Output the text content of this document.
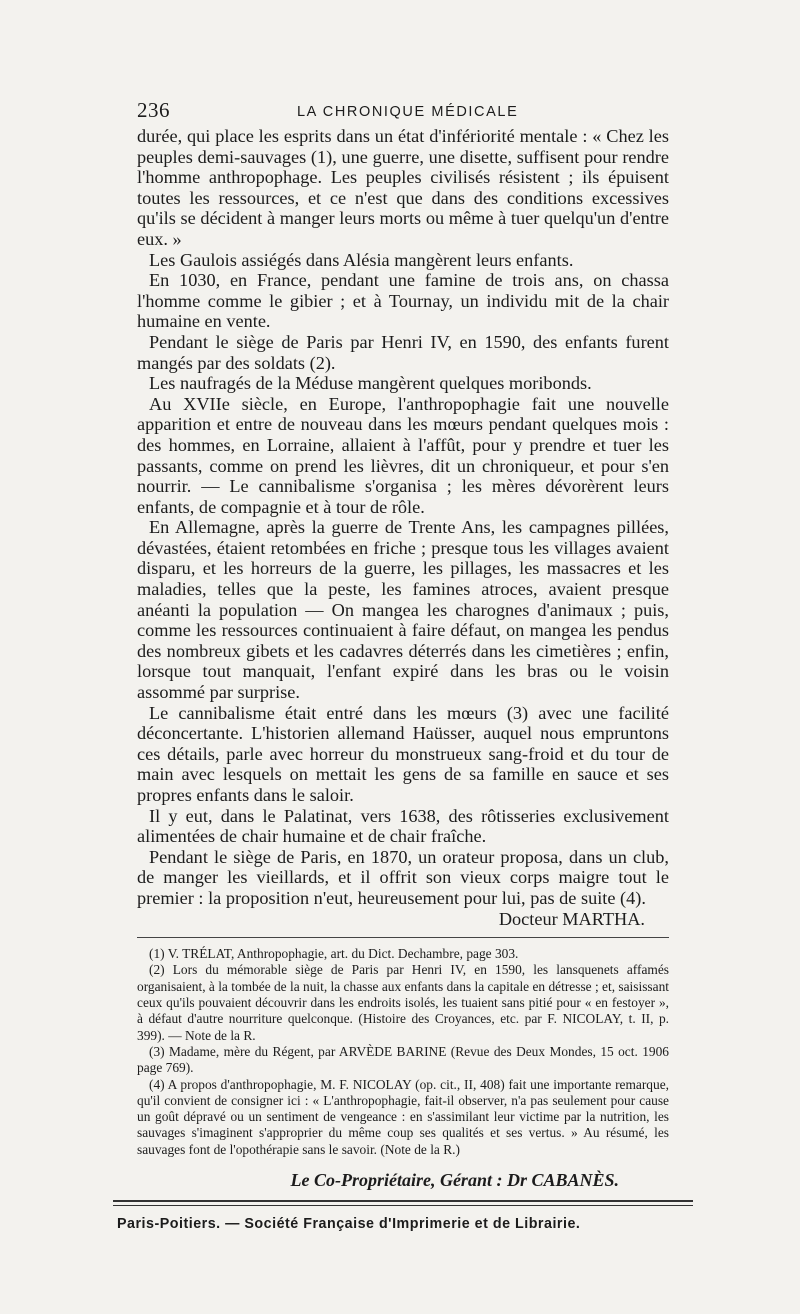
236	LA CHRONIQUE MÉDICALE

durée, qui place les esprits dans un état d'infériorité mentale : « Chez les peuples demi-sauvages (1), une guerre, une disette, suffisent pour rendre l'homme anthropophage. Les peuples civilisés résistent ; ils épuisent toutes les ressources, et ce n'est que dans des conditions excessives qu'ils se décident à manger leurs morts ou même à tuer quelqu'un d'entre eux. »

Les Gaulois assiégés dans Alésia mangèrent leurs enfants.

En 1030, en France, pendant une famine de trois ans, on chassa l'homme comme le gibier ; et à Tournay, un individu mit de la chair humaine en vente.

Pendant le siège de Paris par Henri IV, en 1590, des enfants furent mangés par des soldats (2).

Les naufragés de la Méduse mangèrent quelques moribonds.

Au XVIIe siècle, en Europe, l'anthropophagie fait une nouvelle apparition et entre de nouveau dans les mœurs pendant quelques mois : des hommes, en Lorraine, allaient à l'affût, pour y prendre et tuer les passants, comme on prend les lièvres, dit un chroniqueur, et pour s'en nourrir. — Le cannibalisme s'organisa ; les mères dévorèrent leurs enfants, de compagnie et à tour de rôle.

En Allemagne, après la guerre de Trente Ans, les campagnes pillées, dévastées, étaient retombées en friche ; presque tous les villages avaient disparu, et les horreurs de la guerre, les pillages, les massacres et les maladies, telles que la peste, les famines atroces, avaient presque anéanti la population — On mangea les charognes d'animaux ; puis, comme les ressources continuaient à faire défaut, on mangea les pendus des nombreux gibets et les cadavres déterrés dans les cimetières ; enfin, lorsque tout manquait, l'enfant expiré dans les bras ou le voisin assommé par surprise.

Le cannibalisme était entré dans les mœurs (3) avec une facilité déconcertante. L'historien allemand Haüsser, auquel nous empruntons ces détails, parle avec horreur du monstrueux sang-froid et du tour de main avec lesquels on mettait les gens de sa famille en sauce et ses propres enfants dans le saloir.

Il y eut, dans le Palatinat, vers 1638, des rôtisseries exclusivement alimentées de chair humaine et de chair fraîche.

Pendant le siège de Paris, en 1870, un orateur proposa, dans un club, de manger les vieillards, et il offrit son vieux corps maigre tout le premier : la proposition n'eut, heureusement pour lui, pas de suite (4).

Docteur MARTHA.

(1) V. TRÉLAT, Anthropophagie, art. du Dict. Dechambre, page 303.

(2) Lors du mémorable siège de Paris par Henri IV, en 1590, les lansquenets affamés organisaient, à la tombée de la nuit, la chasse aux enfants dans la capitale en détresse ; et, saisissant ceux qu'ils pouvaient découvrir dans les endroits isolés, les tuaient sans pitié pour « en festoyer », à défaut d'autre nourriture quelconque. (Histoire des Croyances, etc. par F. NICOLAY, t. II, p. 399). — Note de la R.

(3) Madame, mère du Régent, par ARVÈDE BARINE (Revue des Deux Mondes, 15 oct. 1906 page 769).

(4) A propos d'anthropophagie, M. F. NICOLAY (op. cit., II, 408) fait une importante remarque, qu'il convient de consigner ici : « L'anthropophagie, fait-il observer, n'a pas seulement pour cause un goût dépravé ou un sentiment de vengeance : en s'assimilant leur victime par la nutrition, les sauvages s'imaginent s'approprier du même coup ses qualités et ses vertus. » Au résumé, les sauvages font de l'opothérapie sans le savoir. (Note de la R.)

Le Co-Propriétaire, Gérant : Dr CABANÈS.
Paris-Poitiers. — Société Française d'Imprimerie et de Librairie.
